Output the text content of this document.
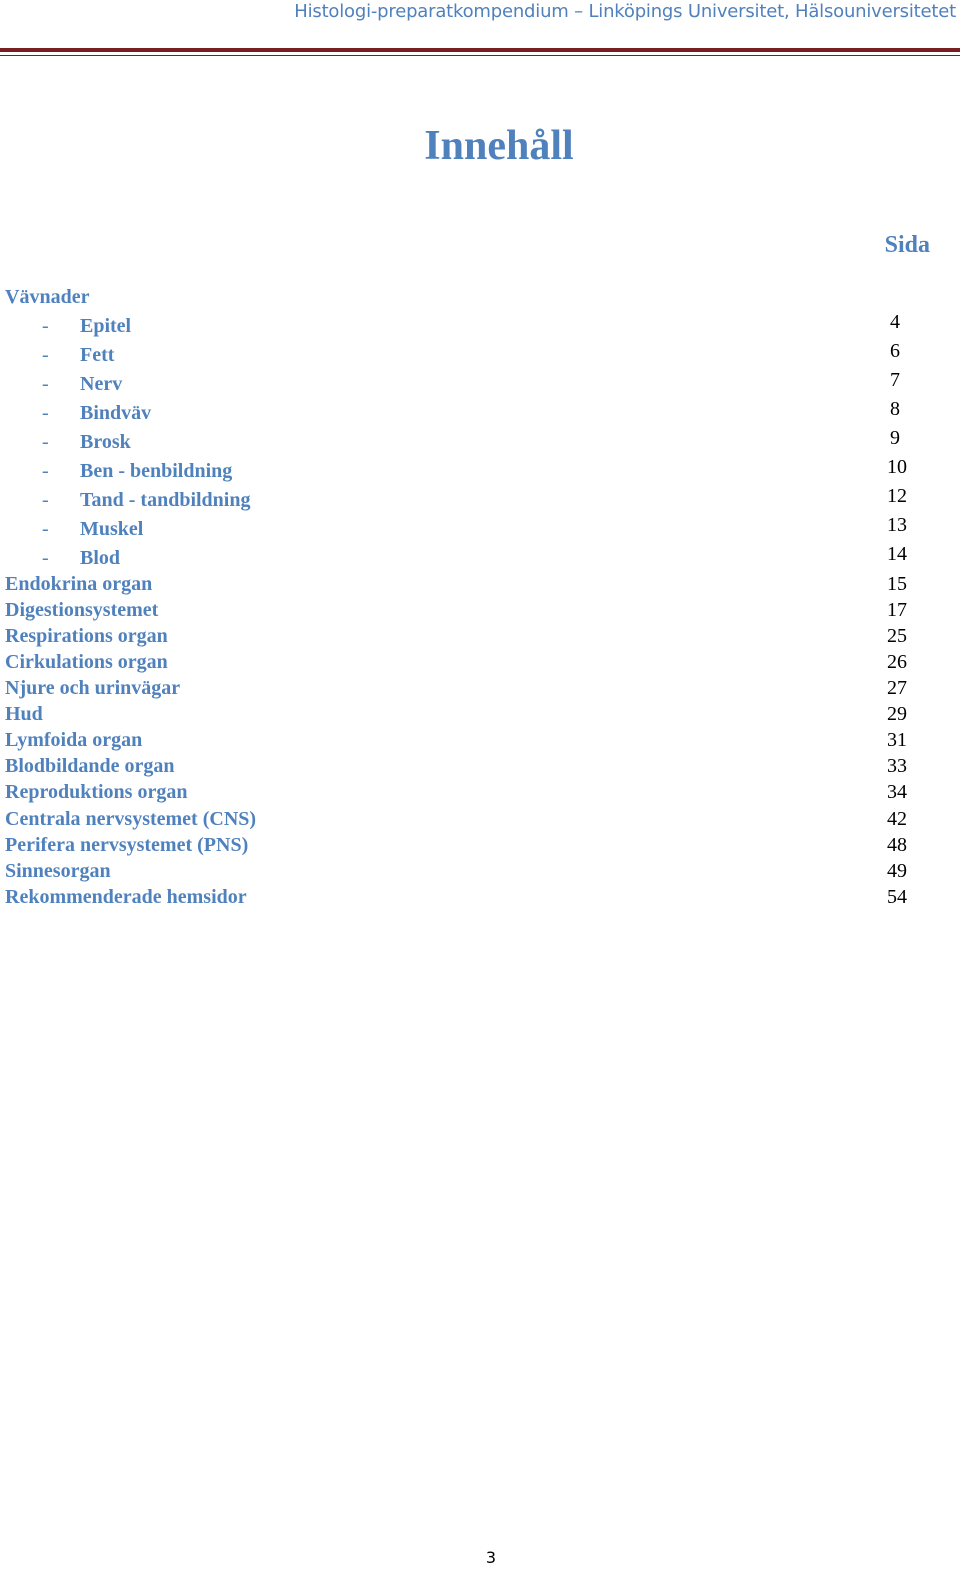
Histologi-preparatkompendium – Linköpings Universitet, Hälsouniversitetet
Innehåll
Sida
Vävnader
- Epitel	4
- Fett	6
- Nerv	7
- Bindväv	8
- Brosk	9
- Ben - benbildning	10
- Tand - tandbildning	12
- Muskel	13
- Blod	14
Endokrina organ	15
Digestionsystemet	17
Respirations organ	25
Cirkulations organ	26
Njure och urinvägar	27
Hud	29
Lymfoida organ	31
Blodbildande organ	33
Reproduktions organ	34
Centrala nervsystemet (CNS)	42
Perifera nervsystemet (PNS)	48
Sinnesorgan	49
Rekommenderade hemsidor	54
3
